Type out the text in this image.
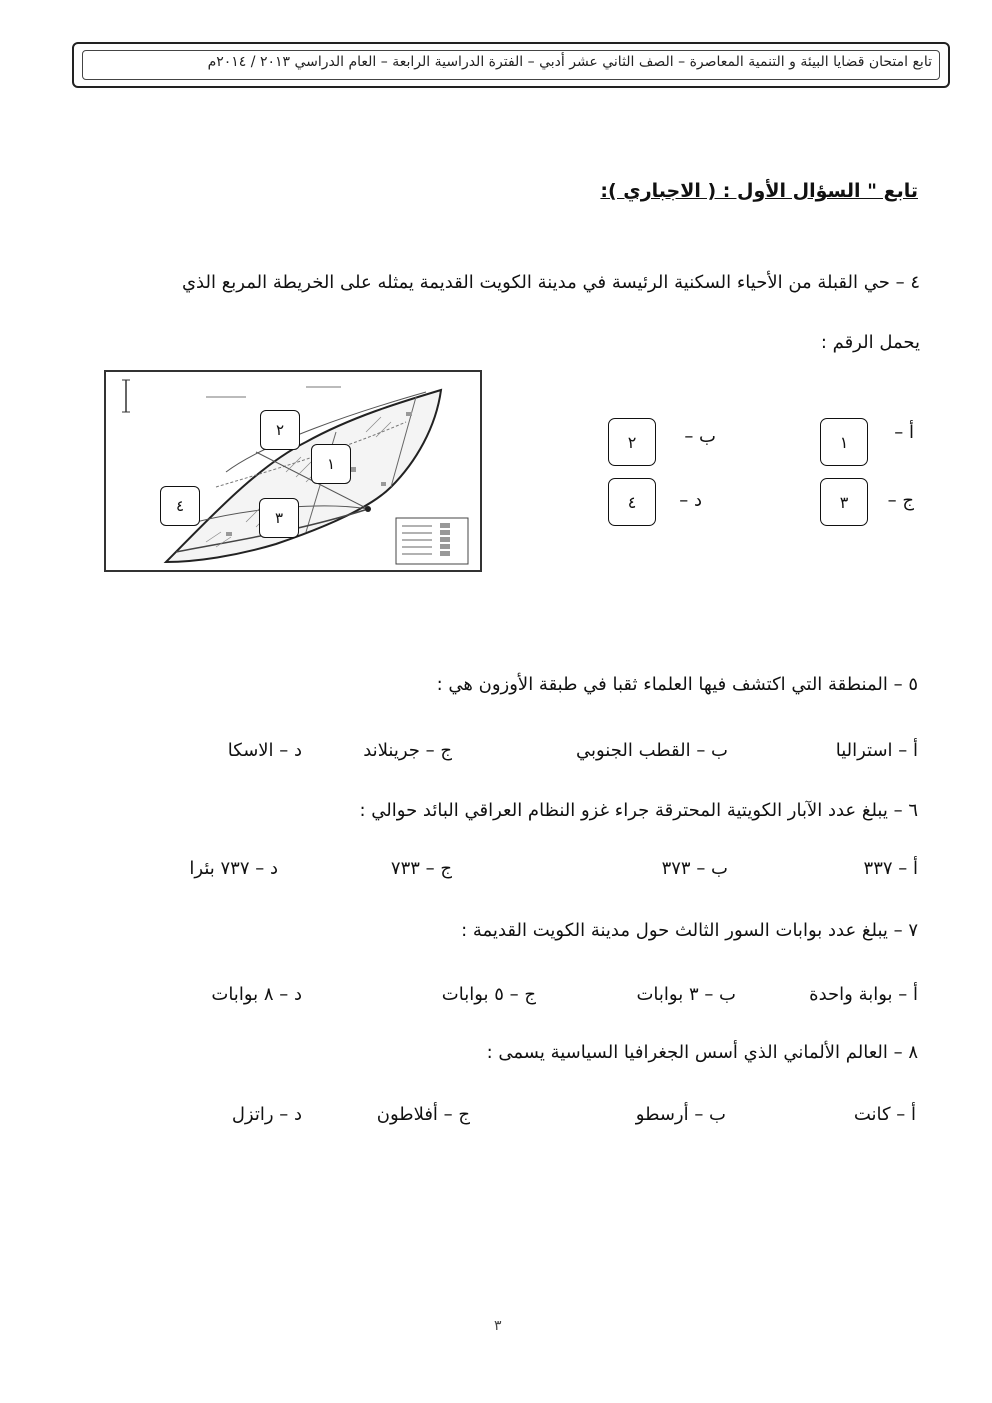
تابع امتحان قضايا البيئة و التنمية المعاصرة – الصف الثاني عشر أدبي – الفترة الدراسية الرابعة – العام الدراسي ٢٠١٣ / ٢٠١٤م
تابع " السؤال الأول : ( الاجباري ):
٤ – حي القبلة من الأحياء السكنية الرئيسة في مدينة الكويت القديمة يمثله على الخريطة المربع الذي
يحمل الرقم :
٢
١
٤
٣
أ –
١
ب –
٢
ج –
٣
د –
٤
٥ – المنطقة التي اكتشف فيها العلماء ثقبا في طبقة الأوزون هي :
أ – استراليا
ب – القطب الجنوبي
ج – جرينلاند
د – الاسكا
٦ – يبلغ عدد الآبار الكويتية المحترقة جراء غزو النظام العراقي البائد حوالي :
أ – ٣٣٧
ب – ٣٧٣
ج – ٧٣٣
د – ٧٣٧ بئرا
٧ – يبلغ عدد بوابات السور الثالث حول مدينة الكويت القديمة :
أ – بوابة واحدة
ب – ٣ بوابات
ج – ٥ بوابات
د – ٨ بوابات
٨ – العالم الألماني الذي أسس الجغرافيا السياسية يسمى :
أ – كانت
ب – أرسطو
ج – أفلاطون
د – راتزل
٣
